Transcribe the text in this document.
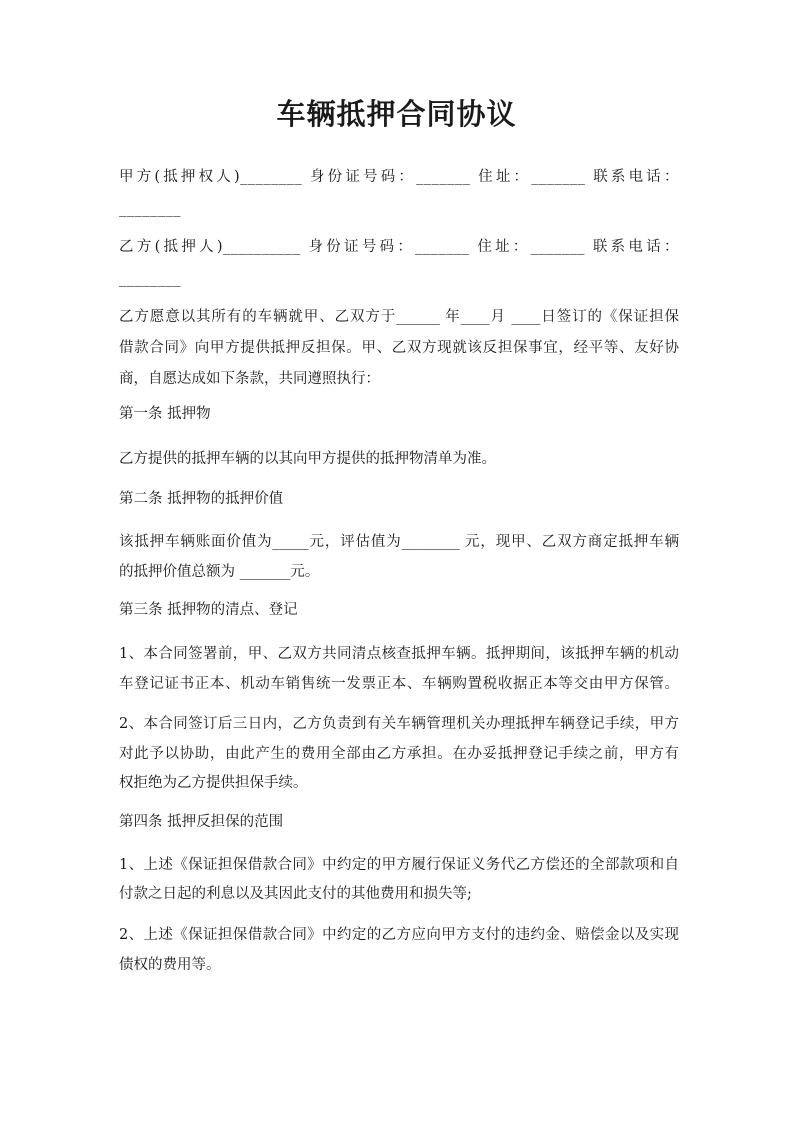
车辆抵押合同协议
甲方(抵押权人)________ 身份证号码：_______ 住址：_______ 联系电话：
________
乙方(抵押人)__________ 身份证号码：_______ 住址：_______ 联系电话：
________
乙方愿意以其所有的车辆就甲、乙双方于______ 年____月 ____日签订的《保证担保
借款合同》向甲方提供抵押反担保。甲、乙双方现就该反担保事宜，经平等、友好协
商，自愿达成如下条款，共同遵照执行：
第一条 抵押物
乙方提供的抵押车辆的以其向甲方提供的抵押物清单为准。
第二条 抵押物的抵押价值
该抵押车辆账面价值为_____元，评估值为________ 元，现甲、乙双方商定抵押车辆
的抵押价值总额为 _______元。
第三条 抵押物的清点、登记
1、本合同签署前，甲、乙双方共同清点核查抵押车辆。抵押期间，该抵押车辆的机动
车登记证书正本、机动车销售统一发票正本、车辆购置税收据正本等交由甲方保管。
2、本合同签订后三日内，乙方负责到有关车辆管理机关办理抵押车辆登记手续，甲方
对此予以协助，由此产生的费用全部由乙方承担。在办妥抵押登记手续之前，甲方有
权拒绝为乙方提供担保手续。
第四条 抵押反担保的范围
1、上述《保证担保借款合同》中约定的甲方履行保证义务代乙方偿还的全部款项和自
付款之日起的利息以及其因此支付的其他费用和损失等;
2、上述《保证担保借款合同》中约定的乙方应向甲方支付的违约金、赔偿金以及实现
债权的费用等。
